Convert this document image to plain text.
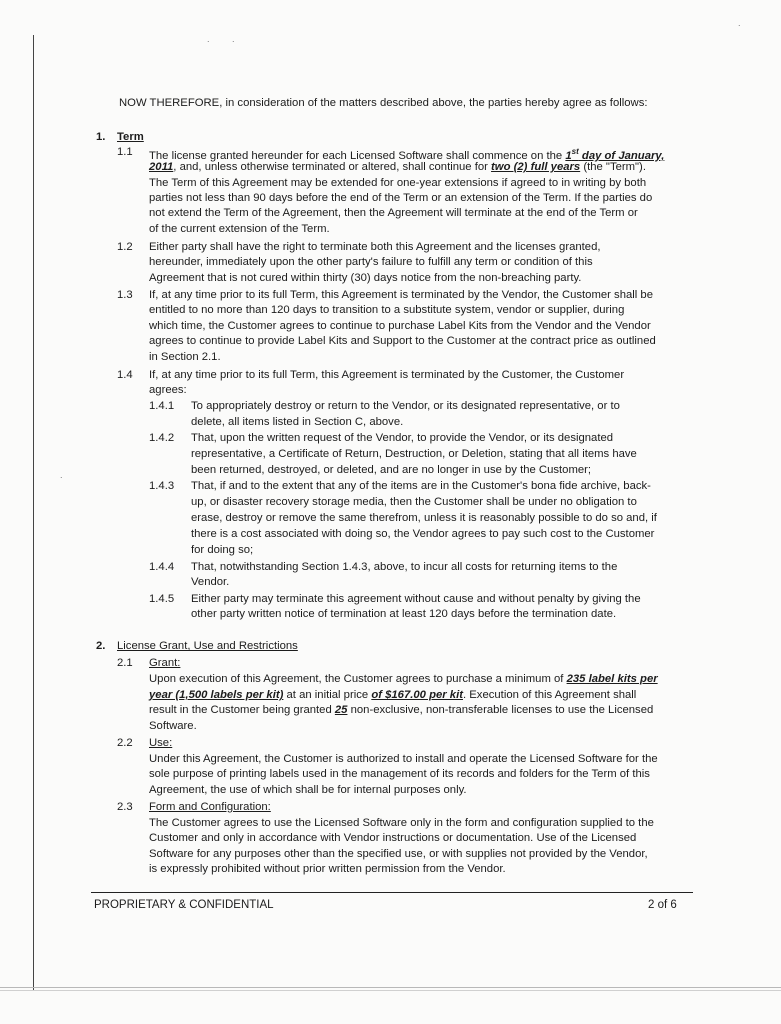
NOW THEREFORE, in consideration of the matters described above, the parties hereby agree as follows:
1. Term
1.1 The license granted hereunder for each Licensed Software shall commence on the 1st day of January,
2011, and, unless otherwise terminated or altered, shall continue for two (2) full years (the "Term").
The Term of this Agreement may be extended for one-year extensions if agreed to in writing by both
parties not less than 90 days before the end of the Term or an extension of the Term. If the parties do
not extend the Term of the Agreement, then the Agreement will terminate at the end of the Term or
of the current extension of the Term.
1.2 Either party shall have the right to terminate both this Agreement and the licenses granted,
hereunder, immediately upon the other party's failure to fulfill any term or condition of this
Agreement that is not cured within thirty (30) days notice from the non-breaching party.
1.3 If, at any time prior to its full Term, this Agreement is terminated by the Vendor, the Customer shall be
entitled to no more than 120 days to transition to a substitute system, vendor or supplier, during
which time, the Customer agrees to continue to purchase Label Kits from the Vendor and the Vendor
agrees to continue to provide Label Kits and Support to the Customer at the contract price as outlined
in Section 2.1.
1.4 If, at any time prior to its full Term, this Agreement is terminated by the Customer, the Customer
agrees:
1.4.1 To appropriately destroy or return to the Vendor, or its designated representative, or to
delete, all items listed in Section C, above.
1.4.2 That, upon the written request of the Vendor, to provide the Vendor, or its designated
representative, a Certificate of Return, Destruction, or Deletion, stating that all items have
been returned, destroyed, or deleted, and are no longer in use by the Customer;
1.4.3 That, if and to the extent that any of the items are in the Customer's bona fide archive, back-
up, or disaster recovery storage media, then the Customer shall be under no obligation to
erase, destroy or remove the same therefrom, unless it is reasonably possible to do so and, if
there is a cost associated with doing so, the Vendor agrees to pay such cost to the Customer
for doing so;
1.4.4 That, notwithstanding Section 1.4.3, above, to incur all costs for returning items to the
Vendor.
1.4.5 Either party may terminate this agreement without cause and without penalty by giving the
other party written notice of termination at least 120 days before the termination date.
2. License Grant, Use and Restrictions
2.1 Grant:
Upon execution of this Agreement, the Customer agrees to purchase a minimum of 235 label kits per
year (1,500 labels per kit) at an initial price of $167.00 per kit. Execution of this Agreement shall
result in the Customer being granted 25 non-exclusive, non-transferable licenses to use the Licensed
Software.
2.2 Use:
Under this Agreement, the Customer is authorized to install and operate the Licensed Software for the
sole purpose of printing labels used in the management of its records and folders for the Term of this
Agreement, the use of which shall be for internal purposes only.
2.3 Form and Configuration:
The Customer agrees to use the Licensed Software only in the form and configuration supplied to the
Customer and only in accordance with Vendor instructions or documentation. Use of the Licensed
Software for any purposes other than the specified use, or with supplies not provided by the Vendor,
is expressly prohibited without prior written permission from the Vendor.
PROPRIETARY & CONFIDENTIAL	2 of 6
. .
.
.
